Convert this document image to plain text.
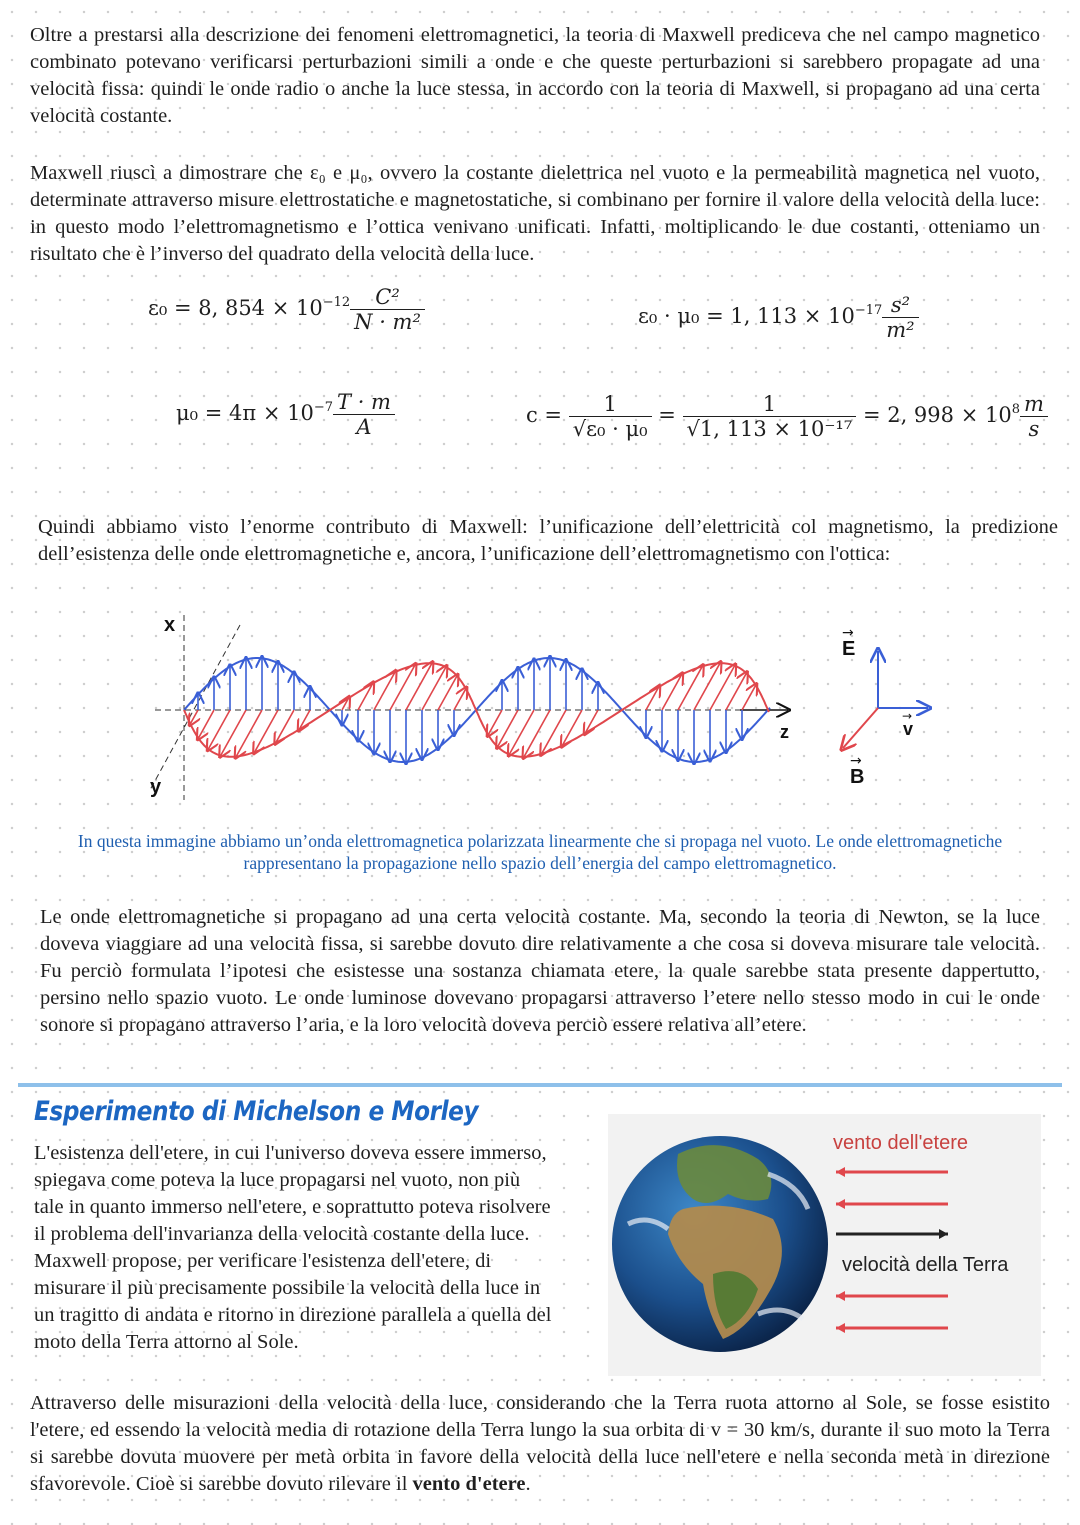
Oltre a prestarsi alla descrizione dei fenomeni elettromagnetici, la teoria di Maxwell prediceva che nel campo magnetico combinato potevano verificarsi perturbazioni simili a onde e che queste perturbazioni si sarebbero propagate ad una velocità fissa: quindi le onde radio o anche la luce stessa, in accordo con la teoria di Maxwell, si propagano ad una certa velocità costante.

Maxwell riuscì a dimostrare che ε₀ e μ₀, ovvero la costante dielettrica nel vuoto e la permeabilità magnetica nel vuoto, determinate attraverso misure elettrostatiche e magnetostatiche, si combinano per fornire il valore della velocità della luce: in questo modo l’elettromagnetismo e l’ottica venivano unificati. Infatti, moltiplicando le due costanti, otteniamo un risultato che è l’inverso del quadrato della velocità della luce.

ε₀ = 8, $854 \times 10^{-12} \frac{\text{C²}}{\text{N · m²}}$	ε₀ · μ₀ = 1, $113 \times 10^{-17} \frac{\text{s²}}{\text{m²}}$
$\mu_0 = 4\pi \times 10^{-7} \frac{T \cdot m}{A}$	$c = \frac{1}{\text{√ε₀ · μ₀}} = \frac{1}{\text{√1, 113 × 10⁻¹⁷}} = 2$, $998 \times 10^8 \frac{m}{s}$

Quindi abbiamo visto l’enorme contributo di Maxwell: l’unificazione dell’elettricità col magnetismo, la predizione dell’esistenza delle onde elettromagnetiche e, ancora, l’unificazione dell’elettromagnetismo con l'ottica:

x
y
z
E
→
v
→
B
→
In questa immagine abbiamo un’onda elettromagnetica polarizzata linearmente che si propaga nel vuoto. Le onde elettromagnetiche rappresentano la propagazione nello spazio dell’energia del campo elettromagnetico.

Le onde elettromagnetiche si propagano ad una certa velocità costante. Ma, secondo la teoria di Newton, se la luce doveva viaggiare ad una velocità fissa, si sarebbe dovuto dire relativamente a che cosa si doveva misurare tale velocità. Fu perciò formulata l’ipotesi che esistesse una sostanza chiamata etere, la quale sarebbe stata presente dappertutto, persino nello spazio vuoto. Le onde luminose dovevano propagarsi attraverso l’etere nello stesso modo in cui le onde sonore si propagano attraverso l’aria, e la loro velocità doveva perciò essere relativa all’etere.

Esperimento di Michelson e Morley

L'esistenza dell'etere, in cui l'universo doveva essere immerso, spiegava come poteva la luce propagarsi nel vuoto, non più tale in quanto immerso nell'etere, e soprattutto poteva risolvere il problema dell'invarianza della velocità costante della luce. Maxwell propose, per verificare l'esistenza dell'etere, di misurare il più precisamente possibile la velocità della luce in un tragitto di andata e ritorno in direzione parallela a quella del moto della Terra attorno al Sole.

vento dell'etere
velocità della Terra

Attraverso delle misurazioni della velocità della luce, considerando che la Terra ruota attorno al Sole, se fosse esistito l'etere, ed essendo la velocità media di rotazione della Terra lungo la sua orbita di v = 30 km/s, durante il suo moto la Terra si sarebbe dovuta muovere per metà orbita in favore della velocità della luce nell'etere e nella seconda metà in direzione sfavorevole. Cioè si sarebbe dovuto rilevare il vento d'etere.
